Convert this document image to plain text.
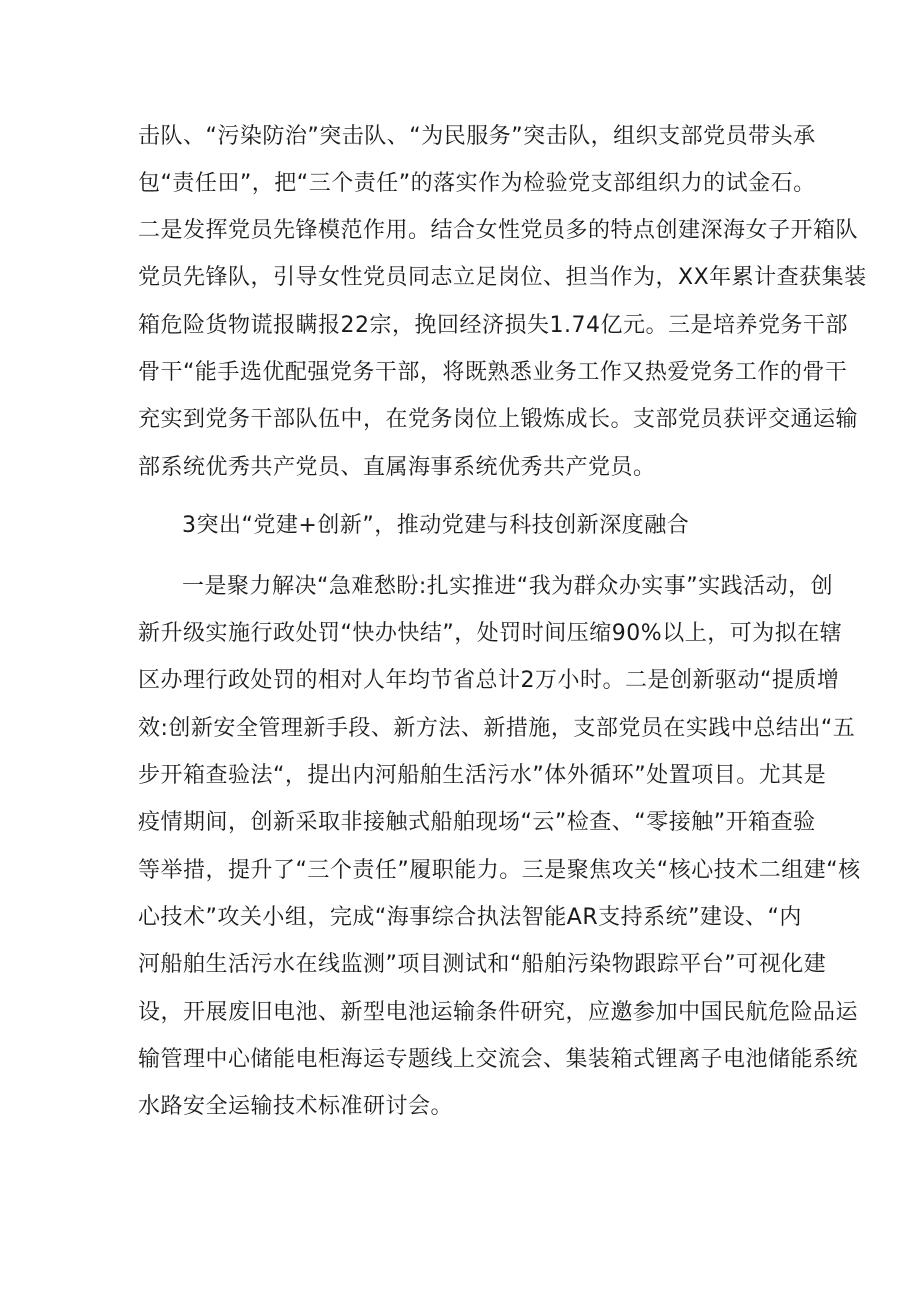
击队、“污染防治”突击队、“为民服务”突击队，组织支部党员带头承
包“责任田”，把“三个责任”的落实作为检验党支部组织力的试金石。
二是发挥党员先锋模范作用。结合女性党员多的特点创建深海女子开箱队
党员先锋队，引导女性党员同志立足岗位、担当作为，XX年累计查获集装
箱危险货物谎报瞒报22宗，挽回经济损失1.74亿元。三是培养党务干部
骨干“能手选优配强党务干部，将既熟悉业务工作又热爱党务工作的骨干
充实到党务干部队伍中，在党务岗位上锻炼成长。支部党员获评交通运输
部系统优秀共产党员、直属海事系统优秀共产党员。
3突出“党建+创新”，推动党建与科技创新深度融合
一是聚力解决“急难愁盼:扎实推进“我为群众办实事”实践活动，创
新升级实施行政处罚“快办快结”，处罚时间压缩90%以上，可为拟在辖
区办理行政处罚的相对人年均节省总计2万小时。二是创新驱动“提质增
效:创新安全管理新手段、新方法、新措施，支部党员在实践中总结出“五
步开箱查验法“，提出内河船舶生活污水”体外循环”处置项目。尤其是
疫情期间，创新采取非接触式船舶现场“云”检查、“零接触”开箱查验
等举措，提升了“三个责任”履职能力。三是聚焦攻关“核心技术二组建“核
心技术”攻关小组，完成“海事综合执法智能AR支持系统”建设、“内
河船舶生活污水在线监测”项目测试和“船舶污染物跟踪平台”可视化建
设，开展废旧电池、新型电池运输条件研究，应邀参加中国民航危险品运
输管理中心储能电柜海运专题线上交流会、集装箱式锂离子电池储能系统
水路安全运输技术标准研讨会。
